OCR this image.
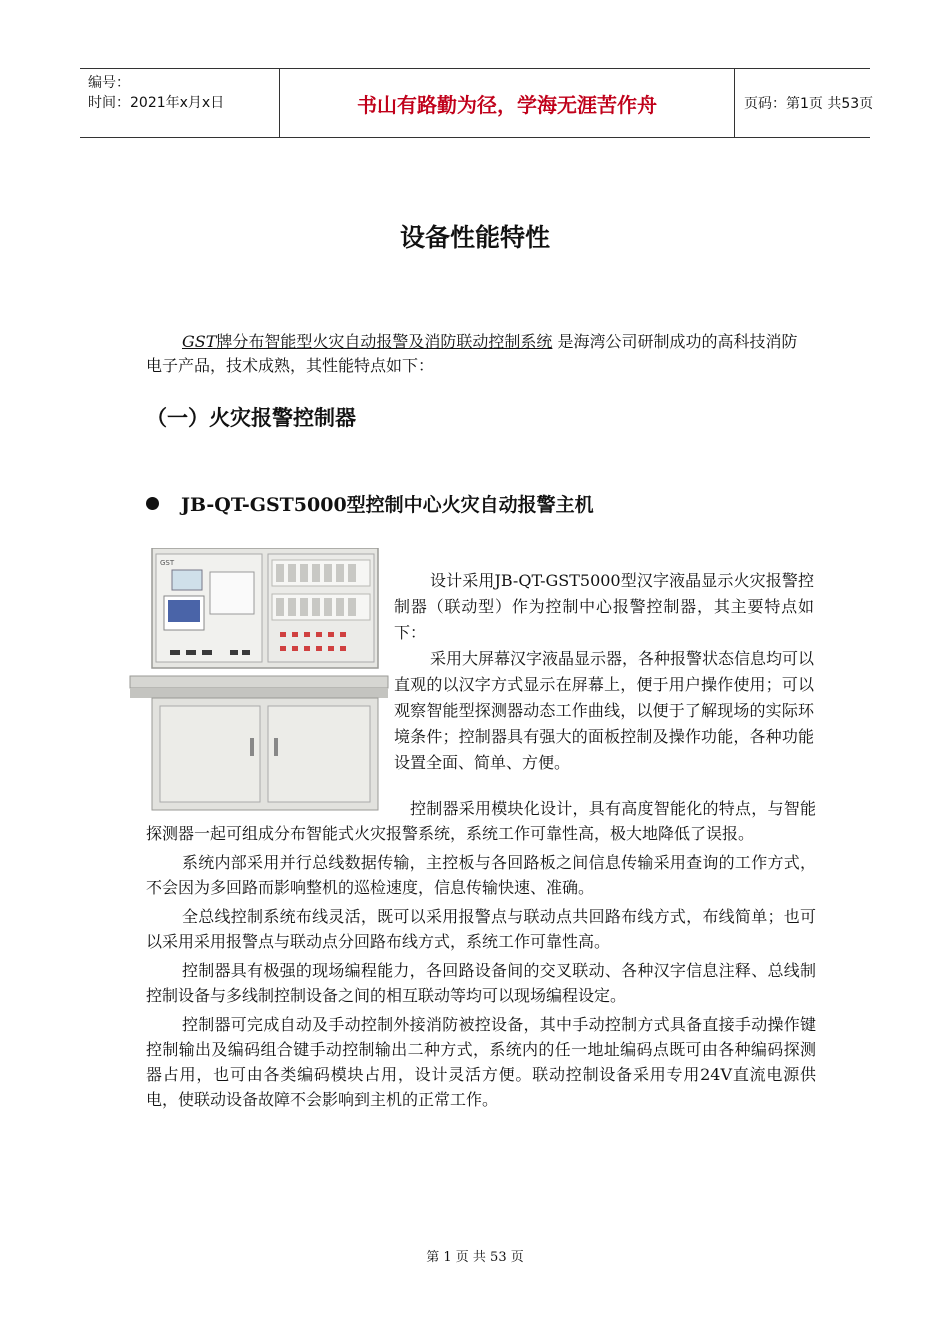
编号：
时间：2021年x月x日	书山有路勤为径，学海无涯苦作舟	页码：第1页 共53页
设备性能特性
GST牌分布智能型火灾自动报警及消防联动控制系统 是海湾公司研制成功的高科技消防电子产品，技术成熟，其性能特点如下：
（一）火灾报警控制器
JB-QT-GST5000型控制中心火灾自动报警主机
GST

设计采用JB-QT-GST5000型汉字液晶显示火灾报警控制器（联动型）作为控制中心报警控制器，其主要特点如下：

采用大屏幕汉字液晶显示器，各种报警状态信息均可以直观的以汉字方式显示在屏幕上，便于用户操作使用；可以观察智能型探测器动态工作曲线，以便于了解现场的实际环境条件；控制器具有强大的面板控制及操作功能，各种功能设置全面、简单、方便。

控制器采用模块化设计，具有高度智能化的特点，与智能探测器一起可组成分布智能式火灾报警系统，系统工作可靠性高，极大地降低了误报。

系统内部采用并行总线数据传输，主控板与各回路板之间信息传输采用查询的工作方式，不会因为多回路而影响整机的巡检速度，信息传输快速、准确。

全总线控制系统布线灵活，既可以采用报警点与联动点共回路布线方式，布线简单；也可以采用采用报警点与联动点分回路布线方式，系统工作可靠性高。

控制器具有极强的现场编程能力，各回路设备间的交叉联动、各种汉字信息注释、总线制控制设备与多线制控制设备之间的相互联动等均可以现场编程设定。

控制器可完成自动及手动控制外接消防被控设备，其中手动控制方式具备直接手动操作键控制输出及编码组合键手动控制输出二种方式，系统内的任一地址编码点既可由各种编码探测器占用，也可由各类编码模块占用，设计灵活方便。联动控制设备采用专用24V直流电源供电，使联动设备故障不会影响到主机的正常工作。

第 1 页 共 53 页
